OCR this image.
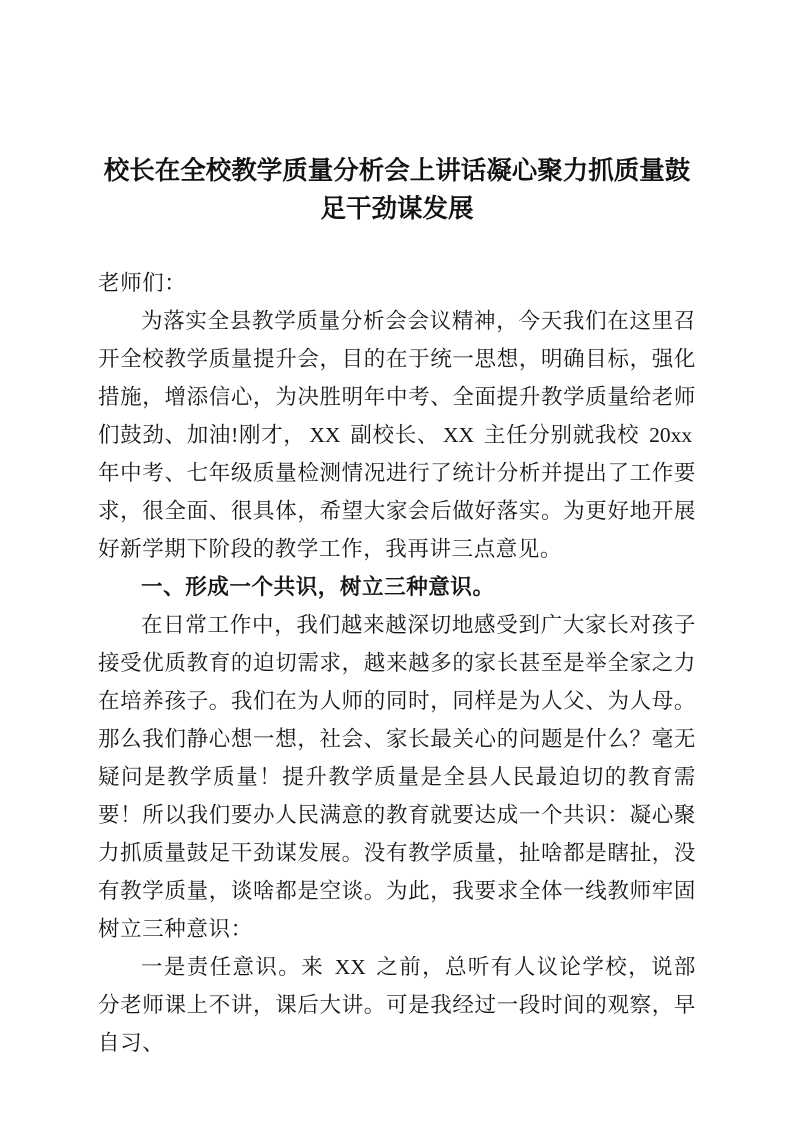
校长在全校教学质量分析会上讲话凝心聚力抓质量鼓足干劲谋发展

老师们：

为落实全县教学质量分析会会议精神，今天我们在这里召开全校教学质量提升会，目的在于统一思想，明确目标，强化措施，增添信心，为决胜明年中考、全面提升教学质量给老师们鼓劲、加油!刚才， XX 副校长、 XX 主任分别就我校 20xx 年中考、七年级质量检测情况进行了统计分析并提出了工作要求，很全面、很具体，希望大家会后做好落实。为更好地开展好新学期下阶段的教学工作，我再讲三点意见。

一、形成一个共识，树立三种意识。

在日常工作中，我们越来越深切地感受到广大家长对孩子接受优质教育的迫切需求，越来越多的家长甚至是举全家之力在培养孩子。我们在为人师的同时，同样是为人父、为人母。那么我们静心想一想，社会、家长最关心的问题是什么？毫无疑问是教学质量！提升教学质量是全县人民最迫切的教育需要！所以我们要办人民满意的教育就要达成一个共识：凝心聚力抓质量鼓足干劲谋发展。没有教学质量，扯啥都是瞎扯，没有教学质量，谈啥都是空谈。为此，我要求全体一线教师牢固树立三种意识：

一是责任意识。来 XX 之前，总听有人议论学校，说部分老师课上不讲，课后大讲。可是我经过一段时间的观察，早自习、
